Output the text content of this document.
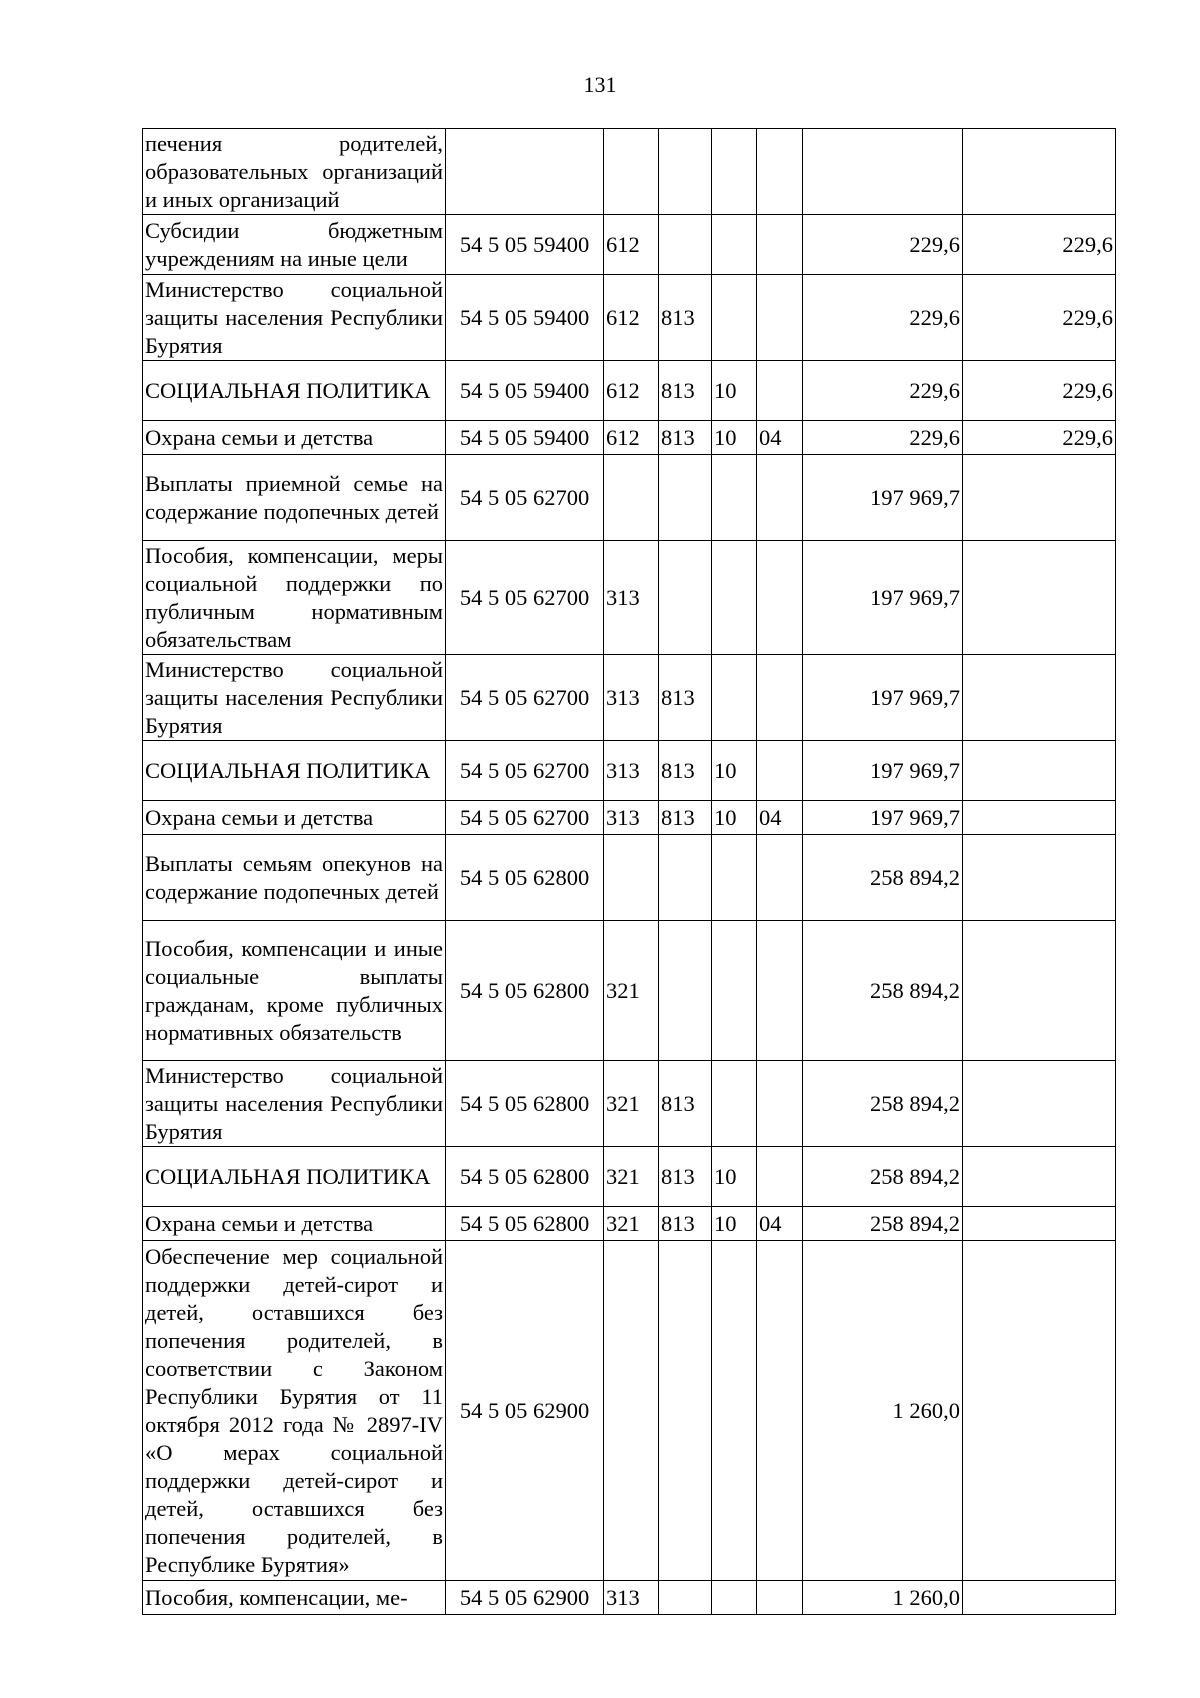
131
печения родителей, образовательных организаций и иных организаций							
Субсидии бюджетным учреждениям на иные цели	54 5 05 59400	612				229,6	229,6
Министерство социальной защиты населения Республики Бурятия	54 5 05 59400	612	813			229,6	229,6
СОЦИАЛЬНАЯ ПОЛИТИКА	54 5 05 59400	612	813	10		229,6	229,6
Охрана семьи и детства	54 5 05 59400	612	813	10	04	229,6	229,6
Выплаты приемной семье на содержание подопечных детей	54 5 05 62700					197 969,7	
Пособия, компенсации, меры социальной поддержки по публичным нормативным обязательствам	54 5 05 62700	313				197 969,7	
Министерство социальной защиты населения Республики Бурятия	54 5 05 62700	313	813			197 969,7	
СОЦИАЛЬНАЯ ПОЛИТИКА	54 5 05 62700	313	813	10		197 969,7	
Охрана семьи и детства	54 5 05 62700	313	813	10	04	197 969,7	
Выплаты семьям опекунов на содержание подопечных детей	54 5 05 62800					258 894,2	
Пособия, компенсации и иные социальные выплаты гражданам, кроме публичных нормативных обязательств	54 5 05 62800	321				258 894,2	
Министерство социальной защиты населения Республики Бурятия	54 5 05 62800	321	813			258 894,2	
СОЦИАЛЬНАЯ ПОЛИТИКА	54 5 05 62800	321	813	10		258 894,2	
Охрана семьи и детства	54 5 05 62800	321	813	10	04	258 894,2	
Обеспечение мер социальной поддержки детей-сирот и детей, оставшихся без попечения родителей, в соответствии с Законом Республики Бурятия от 11 октября 2012 года № 2897-IV «О мерах социальной поддержки детей-сирот и детей, оставшихся без попечения родителей, в Республике Бурятия»	54 5 05 62900					1 260,0	
Пособия, компенсации, ме-	54 5 05 62900	313				1 260,0	
